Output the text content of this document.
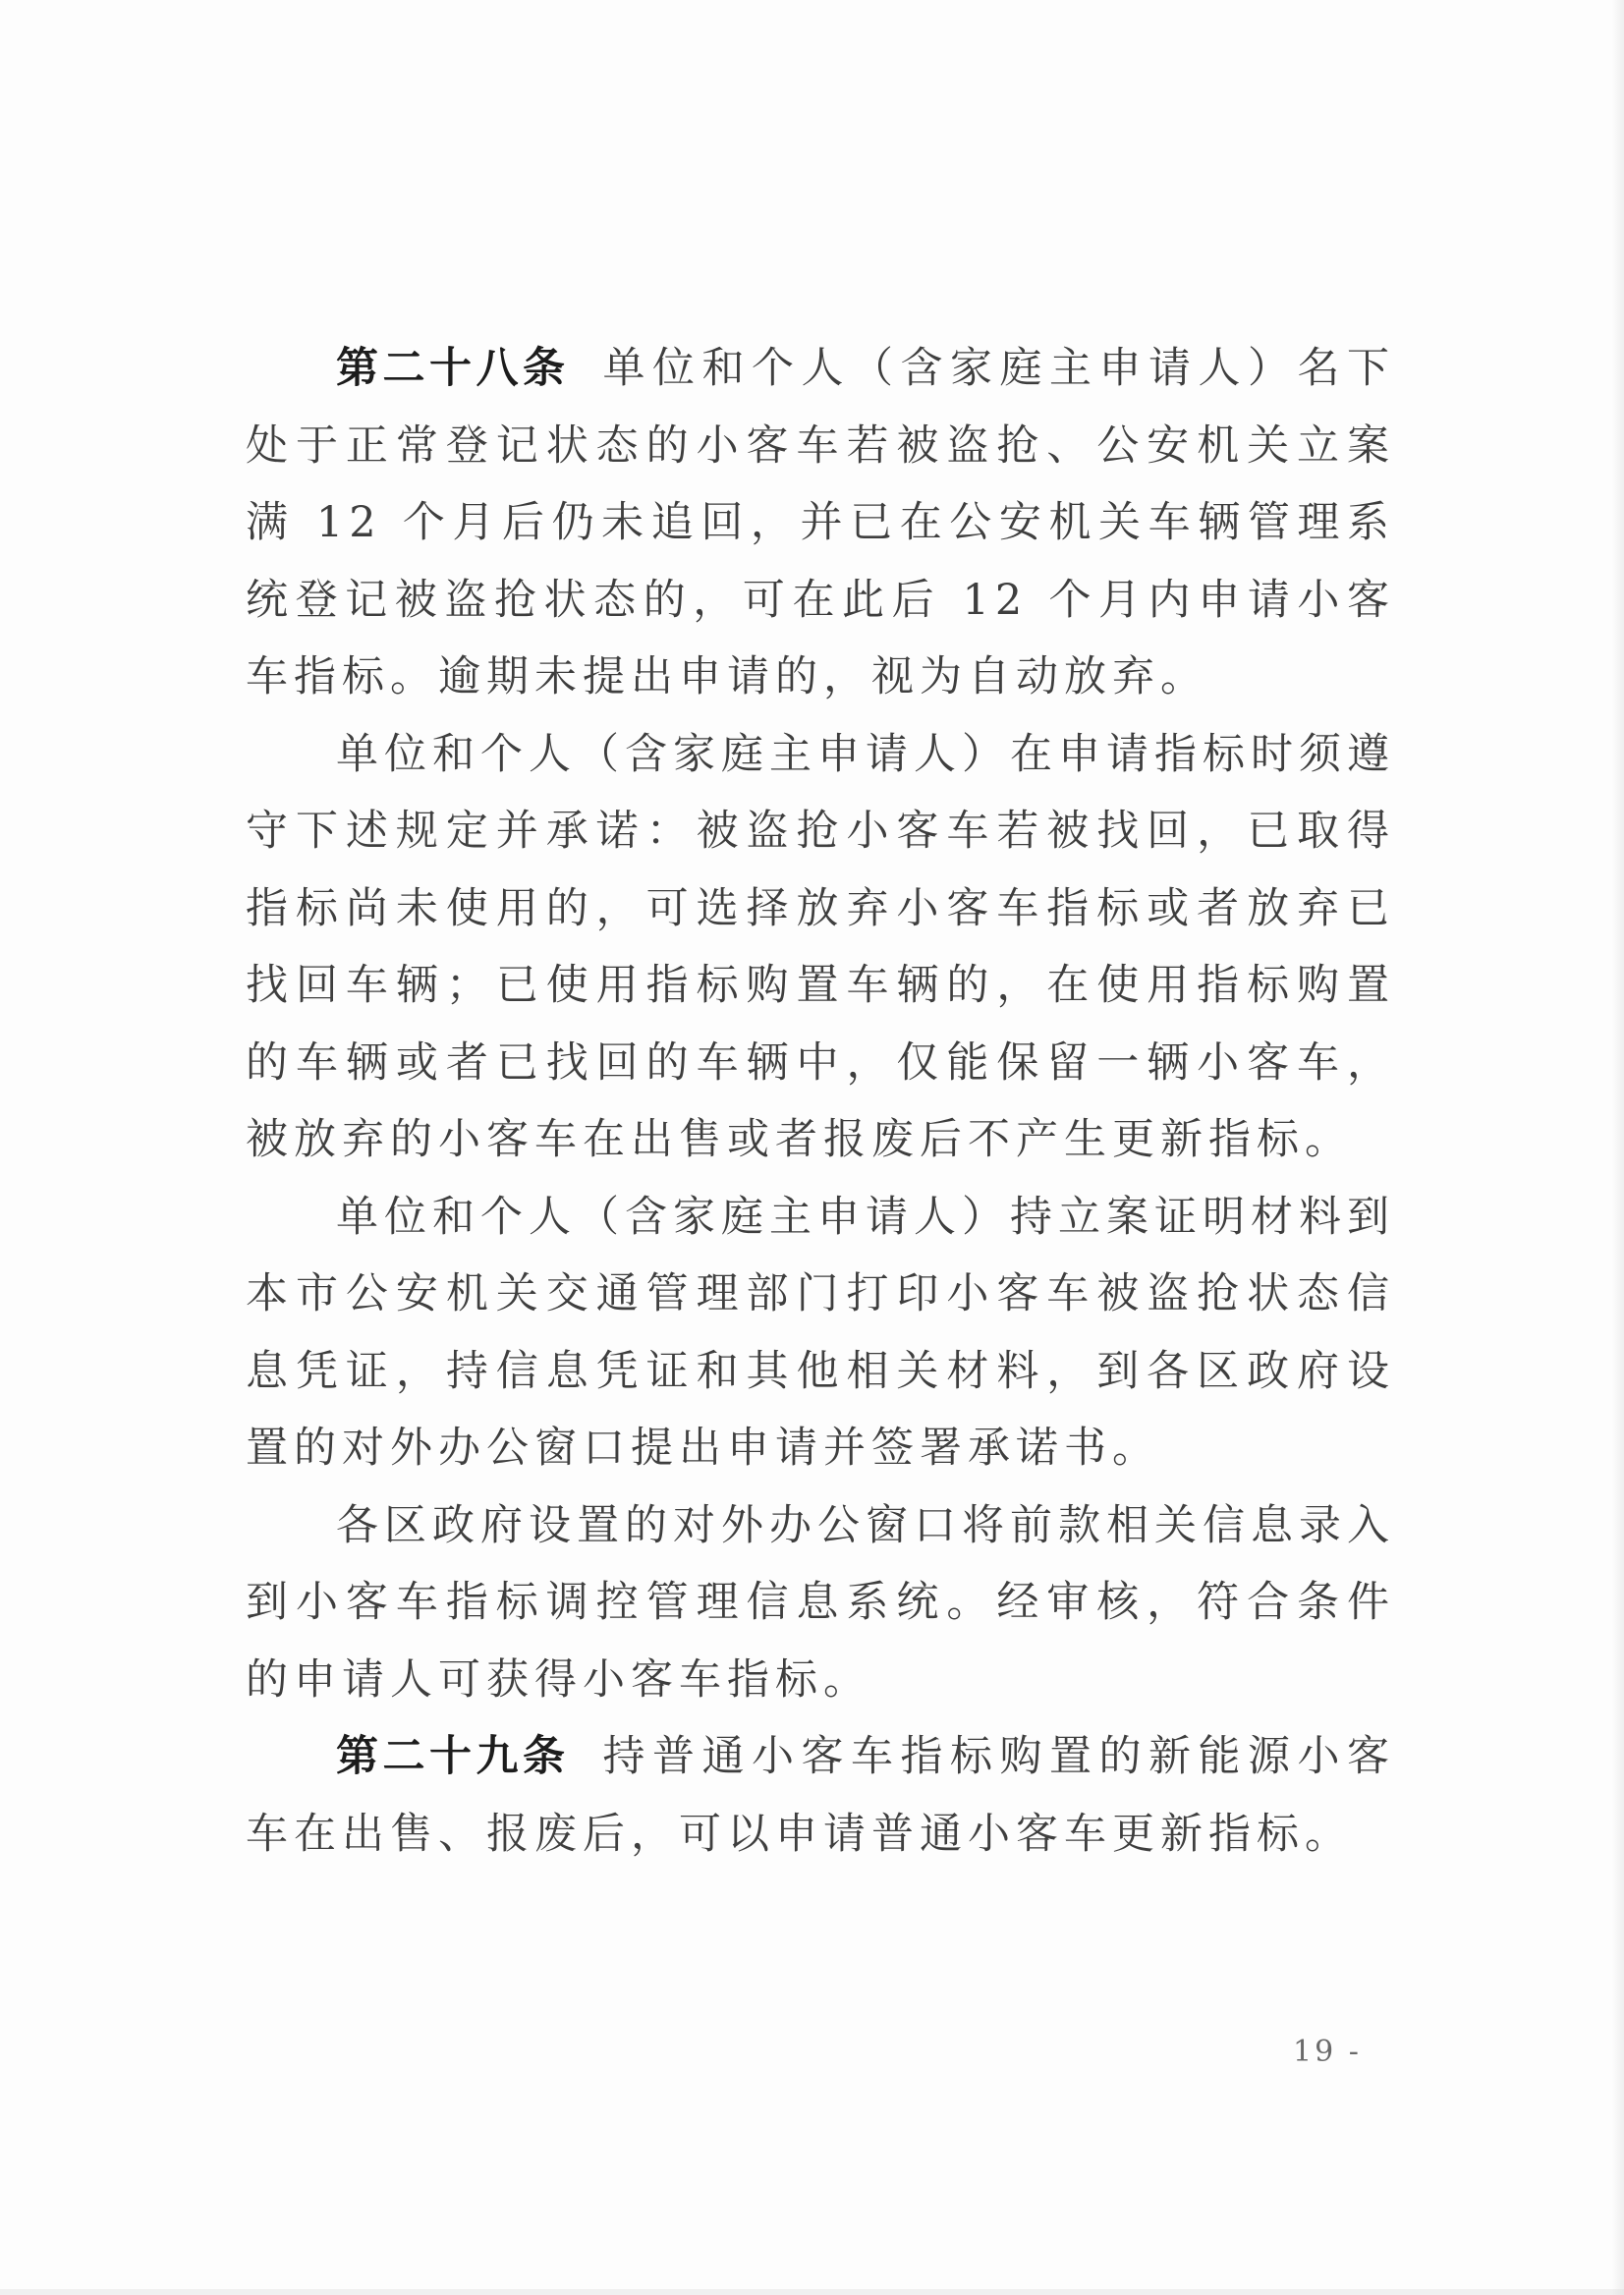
第二十八条 单位和个人（含家庭主申请人）名下处于正常登记状态的小客车若被盗抢、公安机关立案满 12 个月后仍未追回，并已在公安机关车辆管理系统登记被盗抢状态的，可在此后 12 个月内申请小客车指标。逾期未提出申请的，视为自动放弃。

单位和个人（含家庭主申请人）在申请指标时须遵守下述规定并承诺：被盗抢小客车若被找回，已取得指标尚未使用的，可选择放弃小客车指标或者放弃已找回车辆；已使用指标购置车辆的，在使用指标购置的车辆或者已找回的车辆中，仅能保留一辆小客车，被放弃的小客车在出售或者报废后不产生更新指标。

单位和个人（含家庭主申请人）持立案证明材料到本市公安机关交通管理部门打印小客车被盗抢状态信息凭证，持信息凭证和其他相关材料，到各区政府设置的对外办公窗口提出申请并签署承诺书。

各区政府设置的对外办公窗口将前款相关信息录入到小客车指标调控管理信息系统。经审核，符合条件的申请人可获得小客车指标。

第二十九条 持普通小客车指标购置的新能源小客车在出售、报废后，可以申请普通小客车更新指标。

19 -
